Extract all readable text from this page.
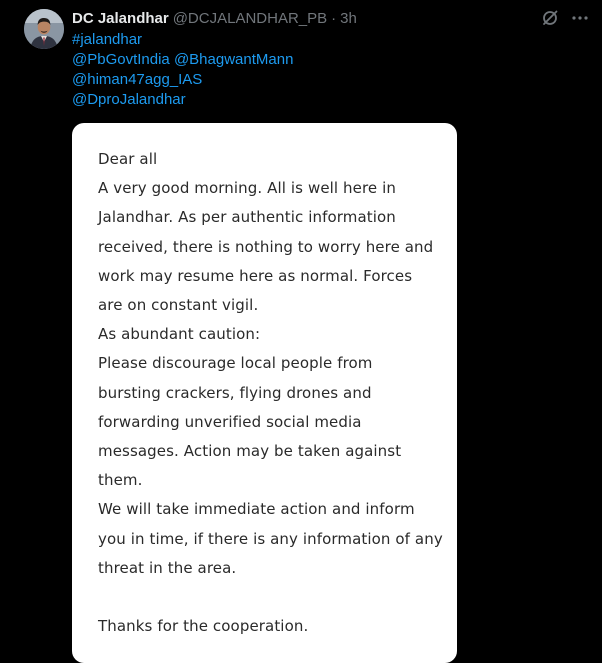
DC Jalandhar @DCJALANDHAR_PB · 3h
#jalandhar
@PbGovtIndia @BhagwantMann
@himan47agg_IAS
@DproJalandhar
Dear all
A very good morning. All is well here in
Jalandhar. As per authentic information
received, there is nothing to worry here and
work may resume here as normal. Forces
are on constant vigil.
As abundant caution:
Please discourage local people from
bursting crackers, flying drones and
forwarding unverified social media
messages. Action may be taken against
them.
We will take immediate action and inform
you in time, if there is any information of any
threat in the area.
Thanks for the cooperation.
